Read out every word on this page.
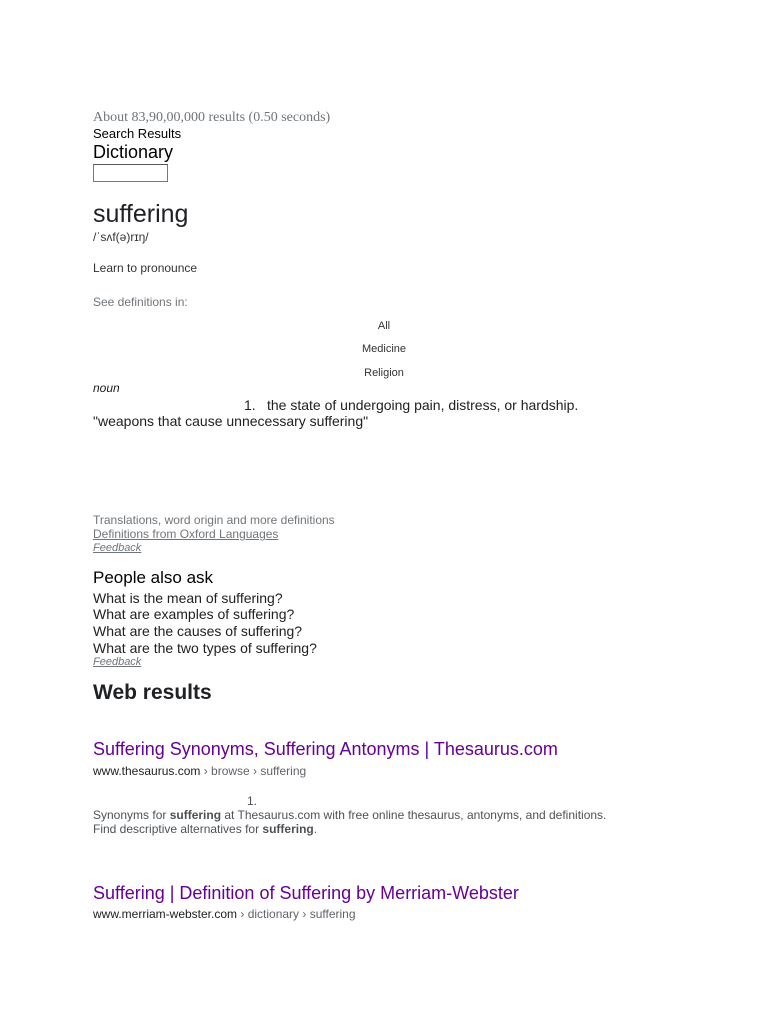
About 83,90,00,000 results (0.50 seconds)
Search Results
Dictionary
suffering
/ˈsʌf(ə)rɪŋ/
Learn to pronounce
See definitions in:
All
Medicine
Religion
noun
1. the state of undergoing pain, distress, or hardship.
"weapons that cause unnecessary suffering"
Translations, word origin and more definitions
Definitions from Oxford Languages
Feedback
People also ask
What is the mean of suffering?
What are examples of suffering?
What are the causes of suffering?
What are the two types of suffering?
Feedback
Web results
Suffering Synonyms, Suffering Antonyms | Thesaurus.com
www.thesaurus.com › browse › suffering
1.
Synonyms for suffering at Thesaurus.com with free online thesaurus, antonyms, and definitions.
Find descriptive alternatives for suffering.
Suffering | Definition of Suffering by Merriam-Webster
www.merriam-webster.com › dictionary › suffering
